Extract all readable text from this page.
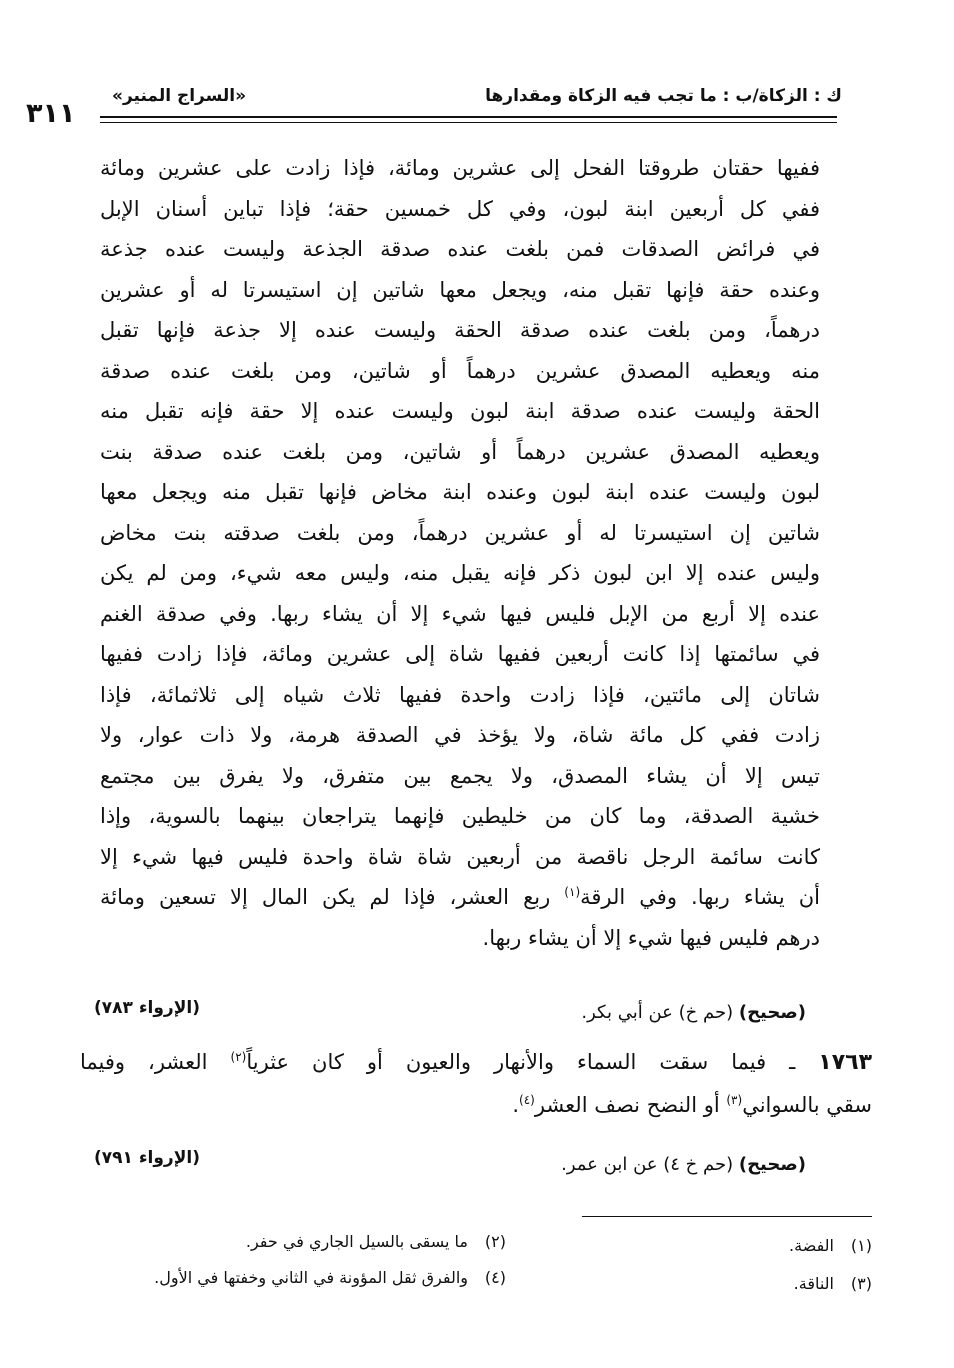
ك : الزكاة/ب : ما تجب فيه الزكاة ومقدارها
«السراج المنير»
٣١١
ففيها حقتان طروقتا الفحل إلى عشرين ومائة، فإذا زادت على عشرين ومائة
ففي كل أربعين ابنة لبون، وفي كل خمسين حقة؛ فإذا تباين أسنان الإبل
في فرائض الصدقات فمن بلغت عنده صدقة الجذعة وليست عنده جذعة
وعنده حقة فإنها تقبل منه، ويجعل معها شاتين إن استيسرتا له أو عشرين
درهماً، ومن بلغت عنده صدقة الحقة وليست عنده إلا جذعة فإنها تقبل
منه ويعطيه المصدق عشرين درهماً أو شاتين، ومن بلغت عنده صدقة
الحقة وليست عنده صدقة ابنة لبون وليست عنده إلا حقة فإنه تقبل منه
ويعطيه المصدق عشرين درهماً أو شاتين، ومن بلغت عنده صدقة بنت
لبون وليست عنده ابنة لبون وعنده ابنة مخاض فإنها تقبل منه ويجعل معها
شاتين إن استيسرتا له أو عشرين درهماً، ومن بلغت صدقته بنت مخاض
وليس عنده إلا ابن لبون ذكر فإنه يقبل منه، وليس معه شيء، ومن لم يكن
عنده إلا أربع من الإبل فليس فيها شيء إلا أن يشاء ربها. وفي صدقة الغنم
في سائمتها إذا كانت أربعين ففيها شاة إلى عشرين ومائة، فإذا زادت ففيها
شاتان إلى مائتين، فإذا زادت واحدة ففيها ثلاث شياه إلى ثلاثمائة، فإذا
زادت ففي كل مائة شاة، ولا يؤخذ في الصدقة هرمة، ولا ذات عوار، ولا
تيس إلا أن يشاء المصدق، ولا يجمع بين متفرق، ولا يفرق بين مجتمع
خشية الصدقة، وما كان من خليطين فإنهما يتراجعان بينهما بالسوية، وإذا
كانت سائمة الرجل ناقصة من أربعين شاة شاة واحدة فليس فيها شيء إلا
أن يشاء ربها. وفي الرقة$^{(١)}$ ربع العشر، فإذا لم يكن المال إلا تسعين ومائة
درهم فليس فيها شيء إلا أن يشاء ربها.
(صحيح) (حم خ) عن أبي بكر.
(الإرواء ٧٨٣)
١٧٦٣ ـ فيما سقت السماء والأنهار والعيون أو كان عثرياً$^{(٢)}$ العشر، وفيما
سقي بالسواني$^{(٣)}$ أو النضح نصف العشر$^{(٤)}$.
(صحيح) (حم خ ٤) عن ابن عمر.
(الإرواء ٧٩١)
(١)الفضة.
(٢)ما يسقى بالسيل الجاري في حفر.
(٣)الناقة.
(٤)والفرق ثقل المؤونة في الثاني وخفتها في الأول.
